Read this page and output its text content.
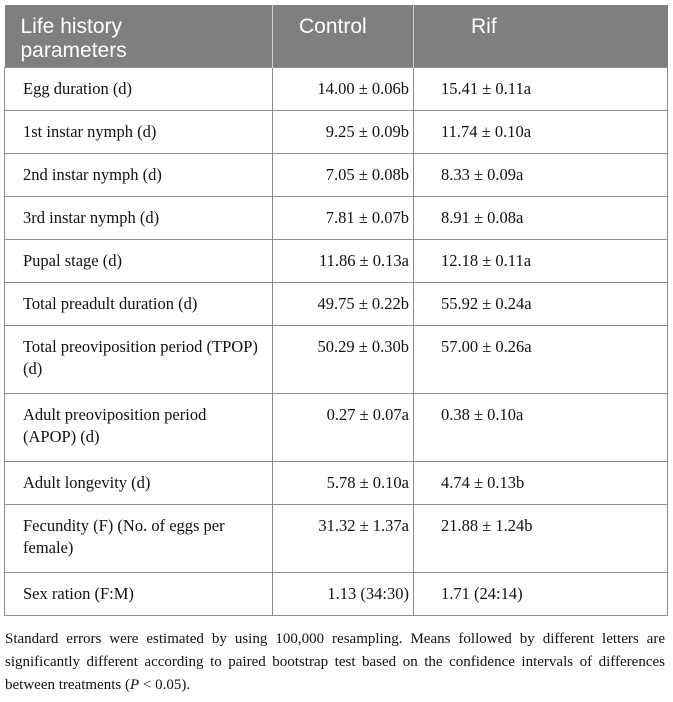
Life history
parameters	Control	Rif
Egg duration (d)	14.00 ± 0.06b	15.41 ± 0.11a
1st instar nymph (d)	9.25 ± 0.09b	11.74 ± 0.10a
2nd instar nymph (d)	7.05 ± 0.08b	8.33 ± 0.09a
3rd instar nymph (d)	7.81 ± 0.07b	8.91 ± 0.08a
Pupal stage (d)	11.86 ± 0.13a	12.18 ± 0.11a
Total preadult duration (d)	49.75 ± 0.22b	55.92 ± 0.24a
Total preoviposition period (TPOP) (d)	50.29 ± 0.30b	57.00 ± 0.26a
Adult preoviposition period (APOP) (d)	0.27 ± 0.07a	0.38 ± 0.10a
Adult longevity (d)	5.78 ± 0.10a	4.74 ± 0.13b
Fecundity (F) (No. of eggs per female)	31.32 ± 1.37a	21.88 ± 1.24b
Sex ration (F:M)	1.13 (34:30)	1.71 (24:14)
Standard errors were estimated by using 100,000 resampling. Means followed by different letters are significantly different according to paired bootstrap test based on the confidence intervals of differences between treatments (P < 0.05).
